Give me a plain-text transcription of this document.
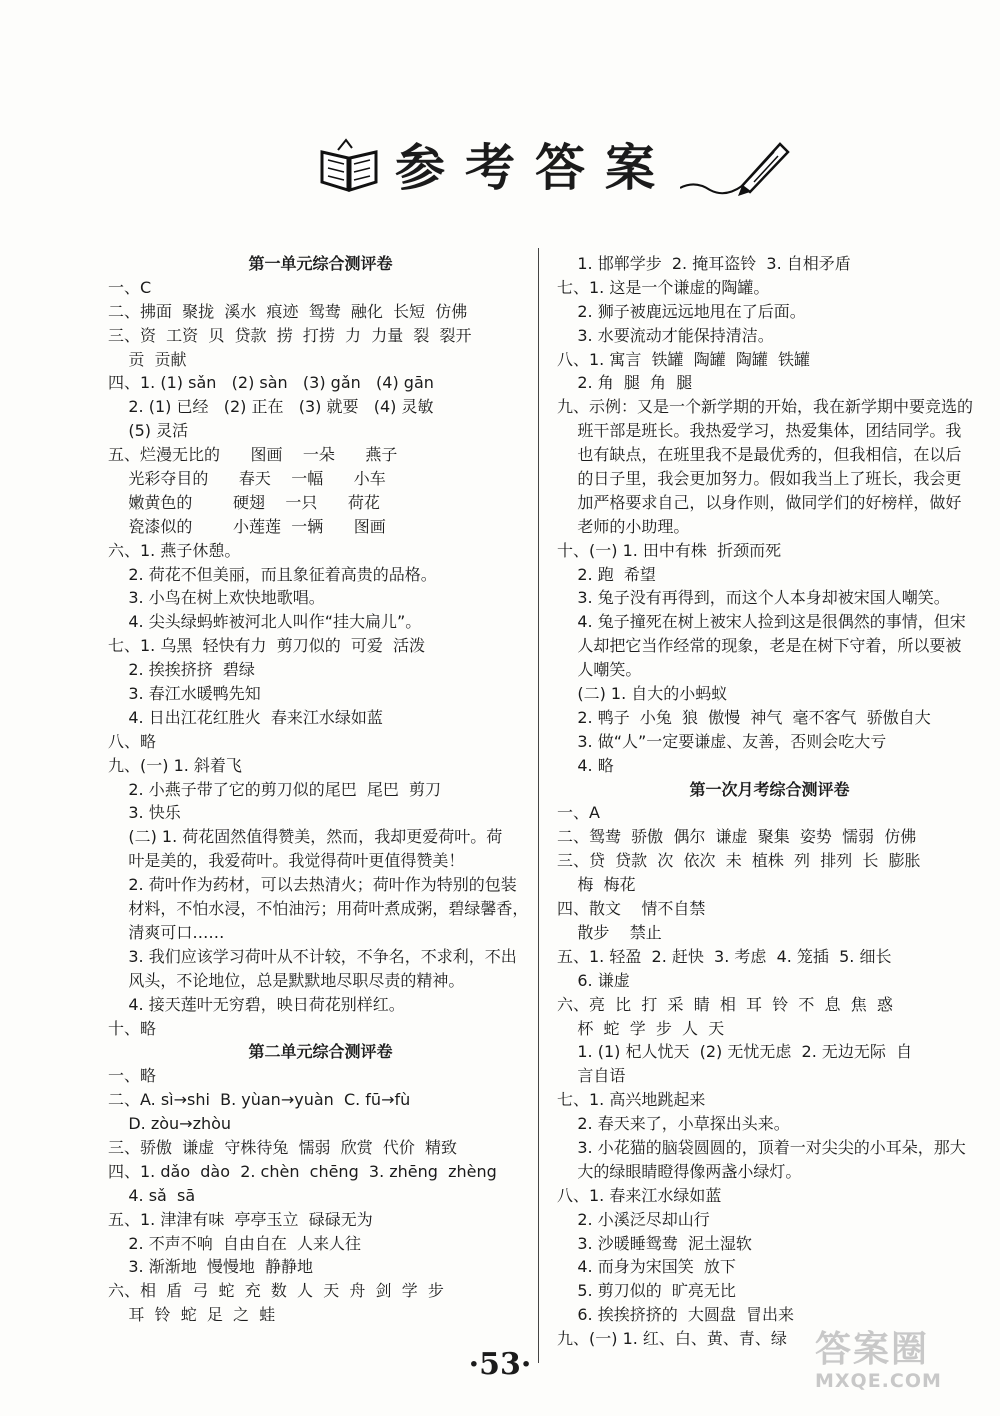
参考答案
第一单元综合测评卷
一、C
二、拂面  聚拢  溪水  痕迹  鸳鸯  融化  长短  仿佛
三、资  工资  贝  贷款  捞  打捞  力  力量  裂  裂开
贡  贡献
四、1. (1) sǎn   (2) sàn   (3) gǎn   (4) gān
2. (1) 已经   (2) 正在   (3) 就要   (4) 灵敏
(5) 灵活
五、烂漫无比的      图画    一朵      燕子
光彩夺目的      春天    一幅      小车
嫩黄色的        硬翅    一只      荷花
瓷漆似的        小莲莲  一辆      图画
六、1. 燕子休憩。
2. 荷花不但美丽，而且象征着高贵的品格。
3. 小鸟在树上欢快地歌唱。
4. 尖头绿蚂蚱被河北人叫作“挂大扁儿”。
七、1. 乌黑  轻快有力  剪刀似的  可爱  活泼
2. 挨挨挤挤  碧绿
3. 春江水暖鸭先知
4. 日出江花红胜火  春来江水绿如蓝
八、略
九、(一) 1. 斜着飞
2. 小燕子带了它的剪刀似的尾巴  尾巴  剪刀
3. 快乐
(二) 1. 荷花固然值得赞美，然而，我却更爱荷叶。荷
叶是美的，我爱荷叶。我觉得荷叶更值得赞美！
2. 荷叶作为药材，可以去热清火；荷叶作为特别的包装
材料，不怕水浸，不怕油污；用荷叶煮成粥，碧绿馨香，
清爽可口……
3. 我们应该学习荷叶从不计较，不争名，不求利，不出
风头，不论地位，总是默默地尽职尽责的精神。
4. 接天莲叶无穷碧，映日荷花别样红。
十、略
第二单元综合测评卷
一、略
二、A. sì→shi  B. yùan→yuàn  C. fū→fù
D. zòu→zhòu
三、骄傲  谦虚  守株待兔  懦弱  欣赏  代价  精致
四、1. dǎo  dào  2. chèn  chēng  3. zhēng  zhèng
4. sǎ  sā
五、1. 津津有味  亭亭玉立  碌碌无为
2. 不声不响  自由自在  人来人往
3. 渐渐地  慢慢地  静静地
六、相  盾  弓  蛇  充  数  人  天  舟  剑  学  步
耳  铃  蛇  足  之  蛙
1. 邯郸学步  2. 掩耳盗铃  3. 自相矛盾
七、1. 这是一个谦虚的陶罐。
2. 狮子被鹿远远地甩在了后面。
3. 水要流动才能保持清洁。
八、1. 寓言  铁罐  陶罐  陶罐  铁罐
2. 角  腿  角  腿
九、示例：又是一个新学期的开始，我在新学期中要竞选的
班干部是班长。我热爱学习，热爱集体，团结同学。我
也有缺点，在班里我不是最优秀的，但我相信，在以后
的日子里，我会更加努力。假如我当上了班长，我会更
加严格要求自己，以身作则，做同学们的好榜样，做好
老师的小助理。
十、(一) 1. 田中有株  折颈而死
2. 跑  希望
3. 兔子没有再得到，而这个人本身却被宋国人嘲笑。
4. 兔子撞死在树上被宋人捡到这是很偶然的事情，但宋
人却把它当作经常的现象，老是在树下守着，所以要被
人嘲笑。
(二) 1. 自大的小蚂蚁
2. 鸭子  小兔  狼  傲慢  神气  毫不客气  骄傲自大
3. 做“人”一定要谦虚、友善，否则会吃大亏
4. 略
第一次月考综合测评卷
一、A
二、鸳鸯  骄傲  偶尔  谦虚  聚集  姿势  懦弱  仿佛
三、贷  贷款  次  依次  未  植株  列  排列  长  膨胀
梅  梅花
四、散文    情不自禁
散步    禁止
五、1. 轻盈  2. 赶快  3. 考虑  4. 笼插  5. 细长
6. 谦虚
六、亮  比  打  采  睛  相  耳  铃  不  息  焦  惑
杯  蛇  学  步  人  天
1. (1) 杞人忧天  (2) 无忧无虑  2. 无边无际  自
言自语
七、1. 高兴地跳起来
2. 春天来了，小草探出头来。
3. 小花猫的脑袋圆圆的，顶着一对尖尖的小耳朵，那大
大的绿眼睛瞪得像两盏小绿灯。
八、1. 春来江水绿如蓝
2. 小溪泛尽却山行
3. 沙暖睡鸳鸯  泥土湿软
4. 而身为宋国笑  放下
5. 剪刀似的  旷亮无比
6. 挨挨挤挤的  大圆盘  冒出来
九、(一) 1. 红、白、黄、青、绿
·53·	答案圈
MXQE.COM
